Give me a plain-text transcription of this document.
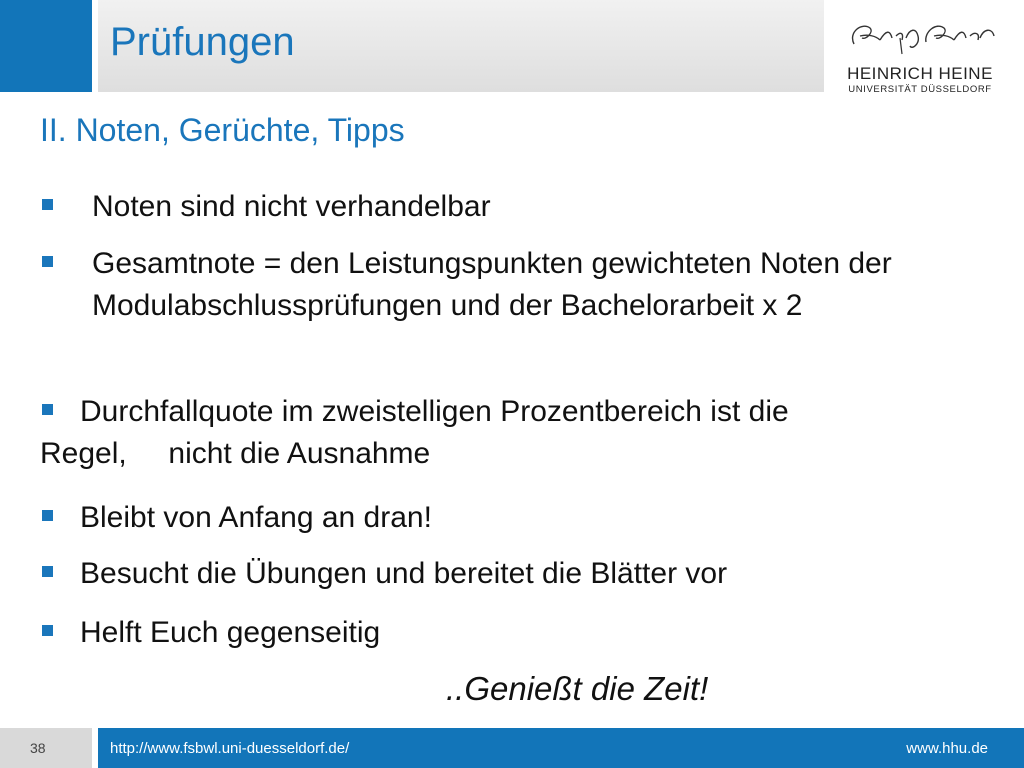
Prüfungen
HEINRICH HEINE
UNIVERSITÄT DÜSSELDORF
II. Noten, Gerüchte, Tipps
Noten sind nicht verhandelbar
Gesamtnote = den Leistungspunkten gewichteten Noten der Modulabschlussprüfungen und der Bachelorarbeit x 2
Durchfallquote im zweistelligen Prozentbereich ist die
Regel,     nicht die Ausnahme
Bleibt von Anfang an dran!
Besucht die Übungen und bereitet die Blätter vor
Helft Euch gegenseitig
..Genießt die Zeit!
38	http://www.fsbwl.uni-duesseldorf.de/	www.hhu.de
